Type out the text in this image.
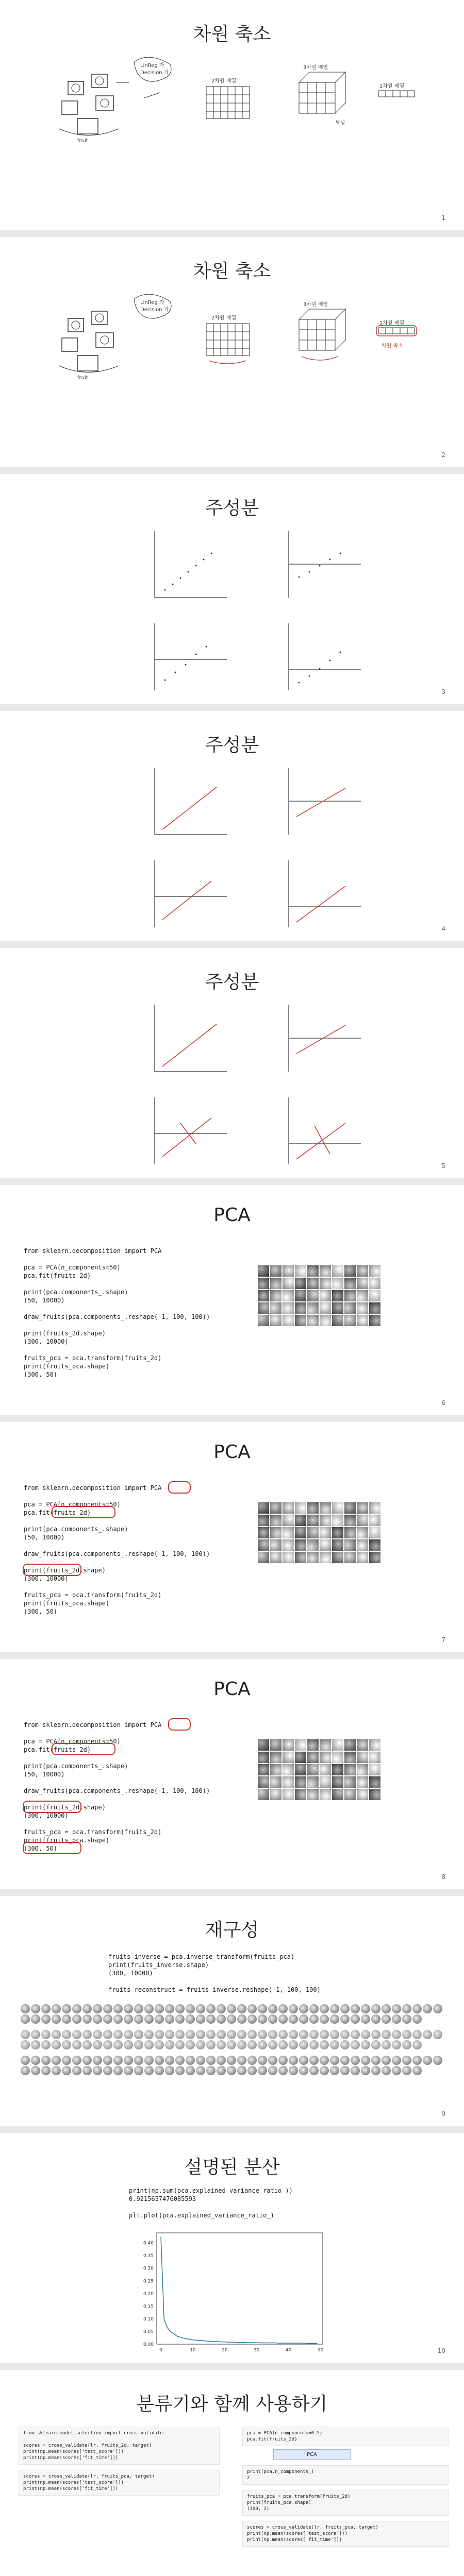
차원 축소
LinReg 가
Decision 가
fruit
2차원 배열
3차원 배열
1차원 배열
특성
1
차원 축소
LinReg 가
Decision 가
fruit
2차원 배열
3차원 배열
1차원 배열
차원 축소
2
주성분
3
주성분
4
주성분
5
PCA
from sklearn.decomposition import PCA

pca = PCA(n_components=50)
pca.fit(fruits_2d)

print(pca.components_.shape)
(50, 10000)

draw_fruits(pca.components_.reshape(-1, 100, 100))

print(fruits_2d.shape)
(300, 10000)

fruits_pca = pca.transform(fruits_2d)
print(fruits_pca.shape)
(300, 50)
6
PCA
from sklearn.decomposition import PCA

pca = PCA(n_components=50)
pca.fit(fruits_2d)

print(pca.components_.shape)
(50, 10000)

draw_fruits(pca.components_.reshape(-1, 100, 100))

print(fruits_2d.shape)
(300, 10000)

fruits_pca = pca.transform(fruits_2d)
print(fruits_pca.shape)
(300, 50)
7
PCA
from sklearn.decomposition import PCA

pca = PCA(n_components=50)
pca.fit(fruits_2d)

print(pca.components_.shape)
(50, 10000)

draw_fruits(pca.components_.reshape(-1, 100, 100))

print(fruits_2d.shape)
(300, 10000)

fruits_pca = pca.transform(fruits_2d)
print(fruits_pca.shape)
(300, 50)
8
재구성
fruits_inverse = pca.inverse_transform(fruits_pca)
print(fruits_inverse.shape)
(300, 10000)

fruits_reconstruct = fruits_inverse.reshape(-1, 100, 100)
9
설명된 분산
print(np.sum(pca.explained_variance_ratio_))
0.9215657476085593

plt.plot(pca.explained_variance_ratio_)
0.40
0.35
0.30
0.25
0.20
0.15
0.10
0.05
0.00
0	10	20	30	40	50	10
분류기와 함께 사용하기
from sklearn.model_selection import cross_validate

scores = cross_validate(lr, fruits_2d, target)
print(np.mean(scores['test_score']))
print(np.mean(scores['fit_time']))
scores = cross_validate(lr, fruits_pca, target)
print(np.mean(scores['test_score']))
print(np.mean(scores['fit_time']))
pca = PCA(n_components=0.5)
pca.fit(fruits_2d)
PCA
print(pca.n_components_)
2
fruits_pca = pca.transform(fruits_2d)
print(fruits_pca.shape)
(300, 2)
scores = cross_validate(lr, fruits_pca, target)
print(np.mean(scores['test_score']))
print(np.mean(scores['fit_time']))
